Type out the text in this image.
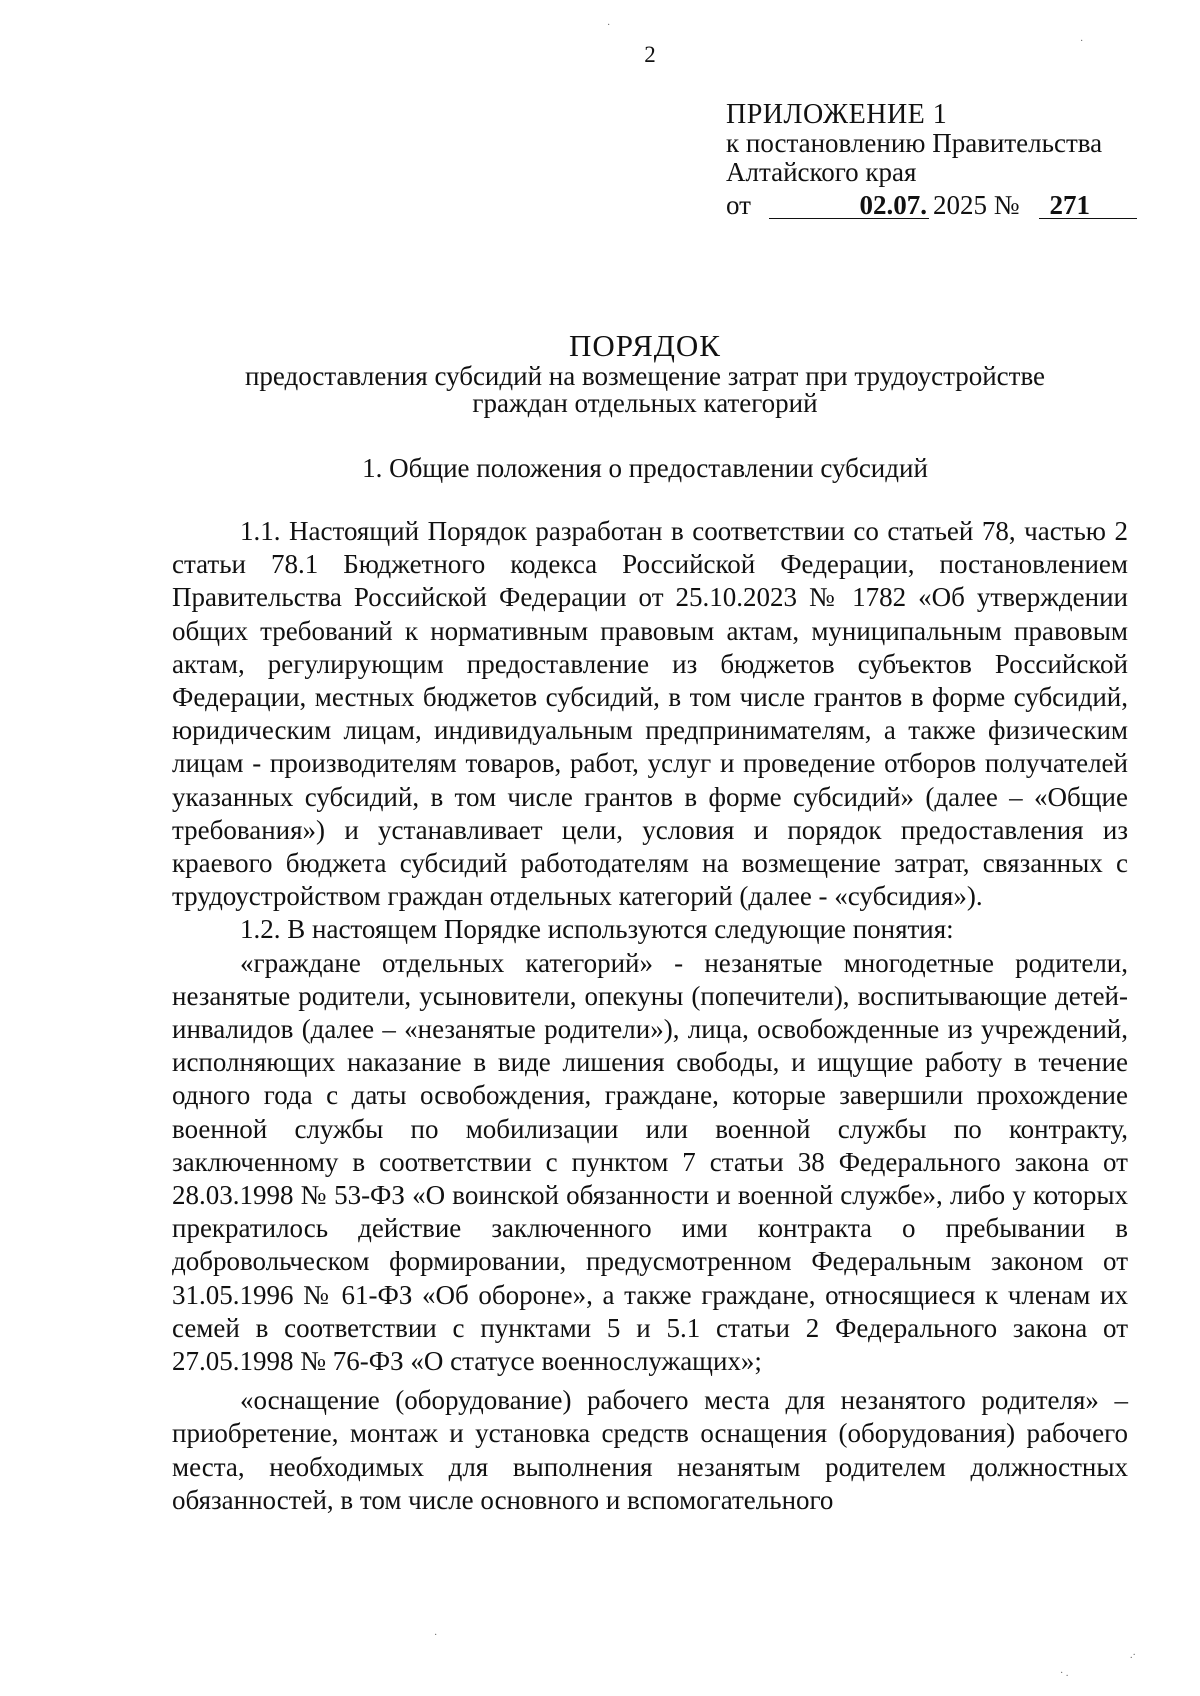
2
ПРИЛОЖЕНИЕ 1
к постановлению Правительства
Алтайского края
от	02.07. 2025 № 271
ПОРЯДОК
предоставления субсидий на возмещение затрат при трудоустройстве
граждан отдельных категорий
1. Общие положения о предоставлении субсидий

1.1. Настоящий Порядок разработан в соответствии со статьей 78, частью 2 статьи 78.1 Бюджетного кодекса Российской Федерации, постановлением Правительства Российской Федерации от 25.10.2023 № 1782 «Об утверждении общих требований к нормативным правовым актам, муниципальным правовым актам, регулирующим предоставление из бюджетов субъектов Российской Федерации, местных бюджетов субсидий, в том числе грантов в форме субсидий, юридическим лицам, индивидуальным предпринимателям, а также физическим лицам - производителям товаров, работ, услуг и проведение отборов получателей указанных субсидий, в том числе грантов в форме субсидий» (далее – «Общие требования») и устанавливает цели, условия и порядок предоставления из краевого бюджета субсидий работодателям на возмещение затрат, связанных с трудоустройством граждан отдельных категорий (далее - «субсидия»).

1.2. В настоящем Порядке используются следующие понятия:

«граждане отдельных категорий» - незанятые многодетные родители, незанятые родители, усыновители, опекуны (попечители), воспитывающие детей-инвалидов (далее – «незанятые родители»), лица, освобожденные из учреждений, исполняющих наказание в виде лишения свободы, и ищущие работу в течение одного года с даты освобождения, граждане, которые завершили прохождение военной службы по мобилизации или военной службы по контракту, заключенному в соответствии с пунктом 7 статьи 38 Федерального закона от 28.03.1998 № 53-ФЗ «О воинской обязанности и военной службе», либо у которых прекратилось действие заключенного ими контракта о пребывании в добровольческом формировании, предусмотренном Федеральным законом от 31.05.1996 № 61-ФЗ «Об обороне», а также граждане, относящиеся к членам их семей в соответствии с пунктами 5 и 5.1 статьи 2 Федерального закона от 27.05.1998 № 76-ФЗ «О статусе военнослужащих»;

«оснащение (оборудование) рабочего места для незанятого родителя» – приобретение, монтаж и установка средств оснащения (оборудования) рабочего места, необходимых для выполнения незанятым родителем должностных обязанностей, в том числе основного и вспомогательного

·
·
·
· .
.·
